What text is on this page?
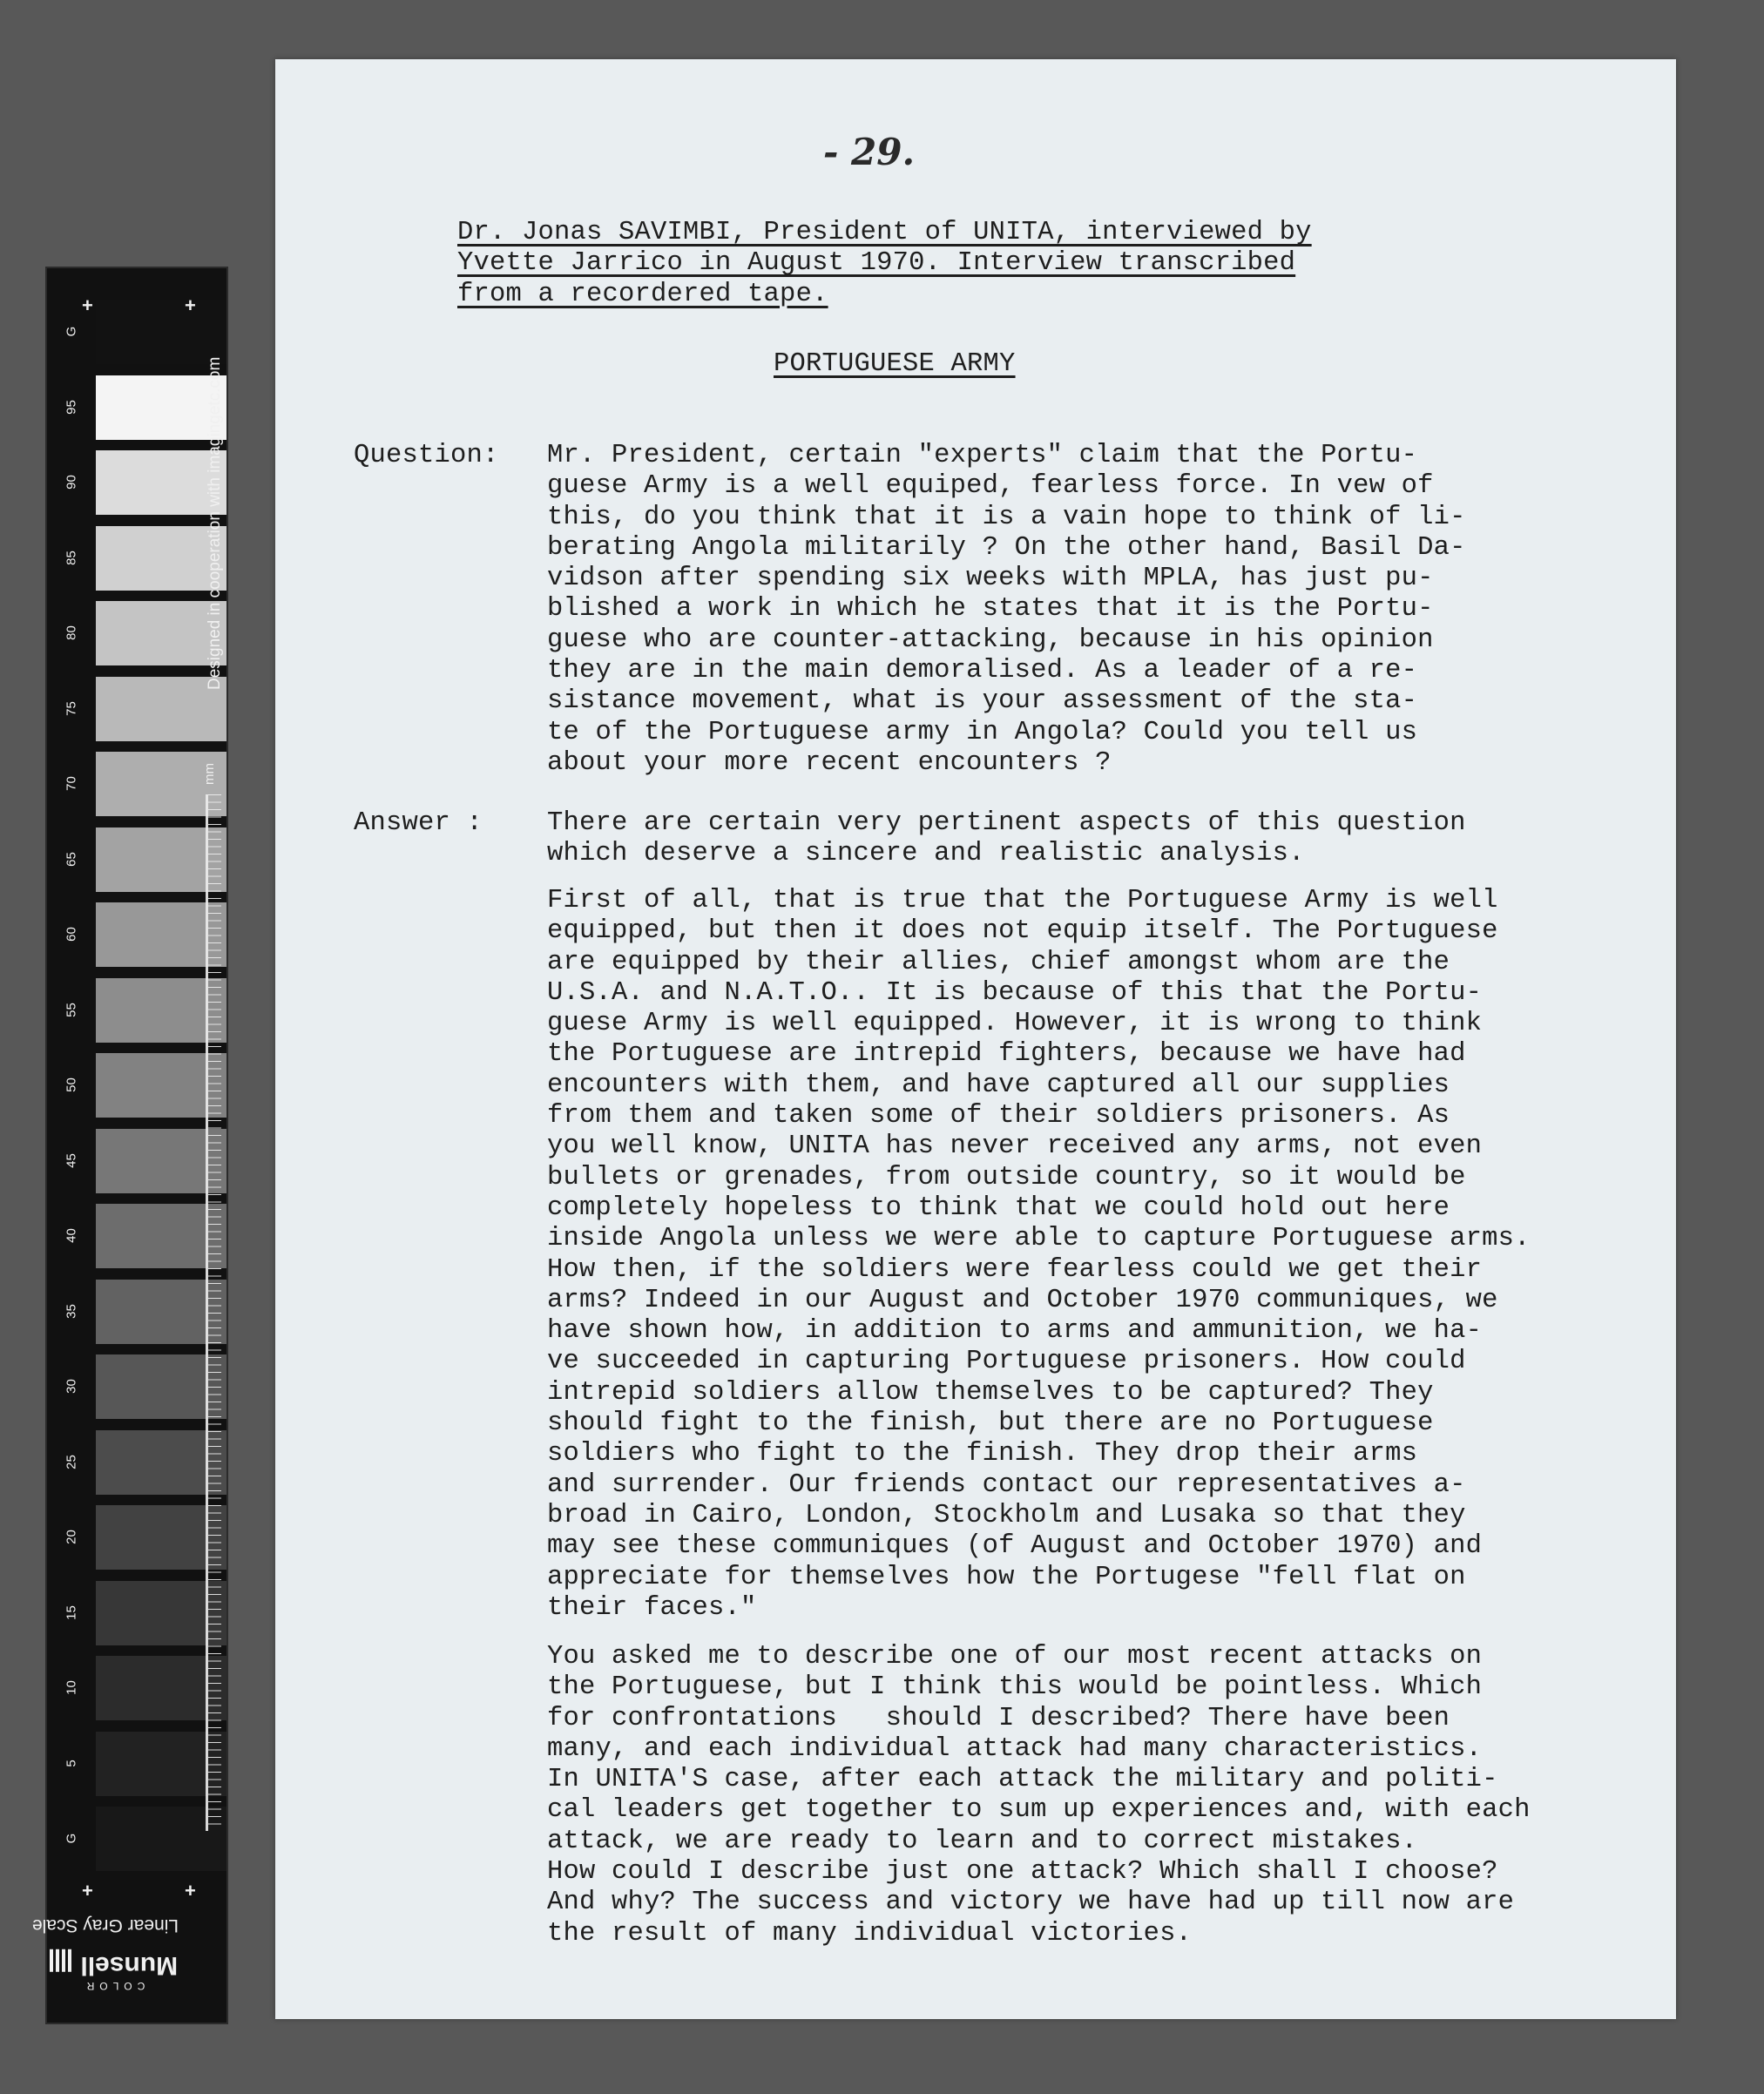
G
95
90
85
80
75
70
65
60
55
50
45
40
35
30
25
20
15
10
5
G
+	+
+	+
Designed in cooperation with imagingetc.com
mm
Linear Gray Scale
COLOR
Munsell
- 29.
Dr. Jonas SAVIMBI, President of UNITA, interviewed by
Yvette Jarrico in August 1970. Interview transcribed
from a recordered tape.
PORTUGUESE ARMY
Question: Mr. President, certain "experts" claim that the Portu-
guese Army is a well equiped, fearless force. In vew of
this, do you think that it is a vain hope to think of li-
berating Angola militarily ? On the other hand, Basil Da-
vidson after spending six weeks with MPLA, has just pu-
blished a work in which he states that it is the Portu-
guese who are counter-attacking, because in his opinion
they are in the main demoralised. As a leader of a re-
sistance movement, what is your assessment of the sta-
te of the Portuguese army in Angola? Could you tell us
about your more recent encounters ?
Answer : There are certain very pertinent aspects of this question
which deserve a sincere and realistic analysis.
First of all, that is true that the Portuguese Army is well
equipped, but then it does not equip itself. The Portuguese
are equipped by their allies, chief amongst whom are the
U.S.A. and N.A.T.O.. It is because of this that the Portu-
guese Army is well equipped. However, it is wrong to think
the Portuguese are intrepid fighters, because we have had
encounters with them, and have captured all our supplies
from them and taken some of their soldiers prisoners. As
you well know, UNITA has never received any arms, not even
bullets or grenades, from outside country, so it would be
completely hopeless to think that we could hold out here
inside Angola unless we were able to capture Portuguese arms.
How then, if the soldiers were fearless could we get their
arms? Indeed in our August and October 1970 communiques, we
have shown how, in addition to arms and ammunition, we ha-
ve succeeded in capturing Portuguese prisoners. How could
intrepid soldiers allow themselves to be captured? They
should fight to the finish, but there are no Portuguese
soldiers who fight to the finish. They drop their arms
and surrender. Our friends contact our representatives a-
broad in Cairo, London, Stockholm and Lusaka so that they
may see these communiques (of August and October 1970) and
appreciate for themselves how the Portugese "fell flat on
their faces."
You asked me to describe one of our most recent attacks on
the Portuguese, but I think this would be pointless. Which
for confrontations   should I described? There have been
many, and each individual attack had many characteristics.
In UNITA'S case, after each attack the military and politi-
cal leaders get together to sum up experiences and, with each
attack, we are ready to learn and to correct mistakes.
How could I describe just one attack? Which shall I choose?
And why? The success and victory we have had up till now are
the result of many individual victories.
